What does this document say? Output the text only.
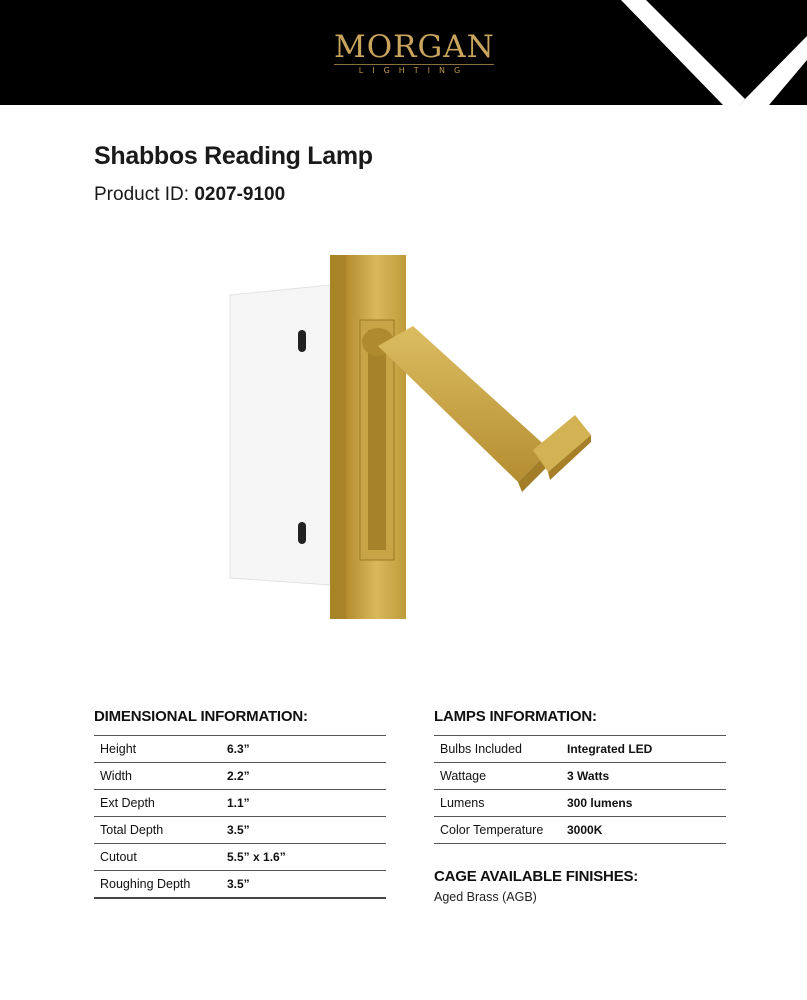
MORGAN
LIGHTING
Shabbos Reading Lamp
Product ID: 0207-9100
DIMENSIONAL INFORMATION:
Height	6.3”
Width	2.2”
Ext Depth	1.1”
Total Depth	3.5”
Cutout	5.5” x 1.6”
Roughing Depth	3.5”
LAMPS INFORMATION:
Bulbs Included	Integrated LED
Wattage	3 Watts
Lumens	300 lumens
Color Temperature	3000K
CAGE AVAILABLE FINISHES:
Aged Brass (AGB)
